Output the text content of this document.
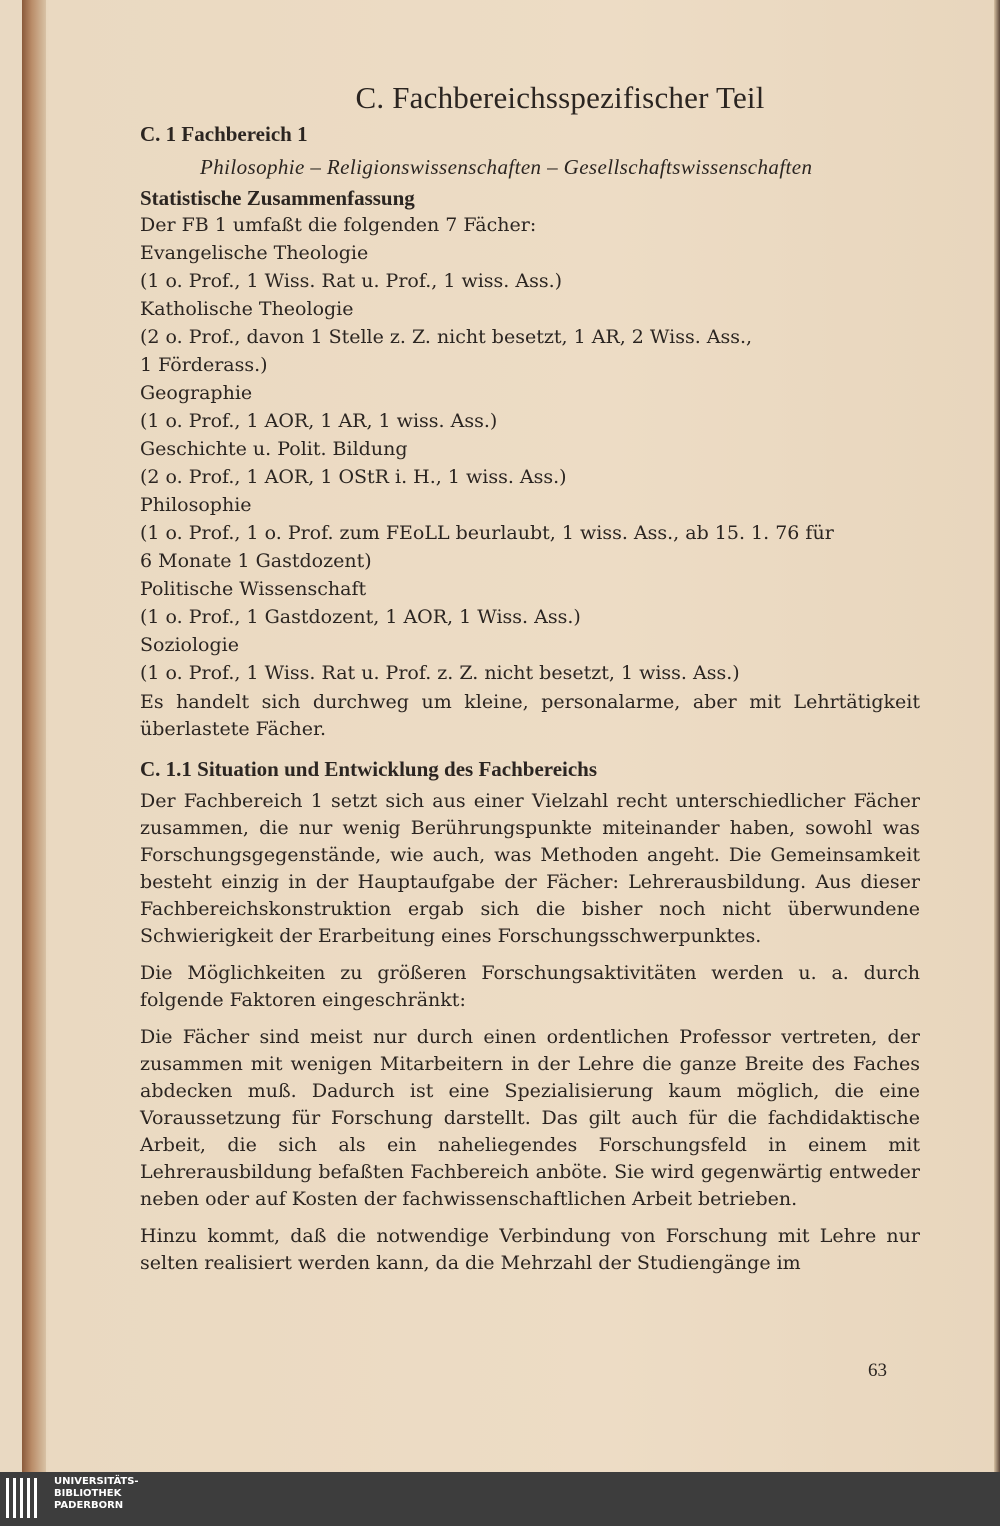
C. Fachbereichsspezifischer Teil
C. 1 Fachbereich 1
Philosophie – Religionswissenschaften – Gesellschaftswissenschaften
Statistische Zusammenfassung

Der FB 1 umfaßt die folgenden 7 Fächer:

Evangelische Theologie

(1 o. Prof., 1 Wiss. Rat u. Prof., 1 wiss. Ass.)

Katholische Theologie

(2 o. Prof., davon 1 Stelle z. Z. nicht besetzt, 1 AR, 2 Wiss. Ass.,

1 Förderass.)

Geographie

(1 o. Prof., 1 AOR, 1 AR, 1 wiss. Ass.)

Geschichte u. Polit. Bildung

(2 o. Prof., 1 AOR, 1 OStR i. H., 1 wiss. Ass.)

Philosophie

(1 o. Prof., 1 o. Prof. zum FEoLL beurlaubt, 1 wiss. Ass., ab 15. 1. 76 für

6 Monate 1 Gastdozent)

Politische Wissenschaft

(1 o. Prof., 1 Gastdozent, 1 AOR, 1 Wiss. Ass.)

Soziologie

(1 o. Prof., 1 Wiss. Rat u. Prof. z. Z. nicht besetzt, 1 wiss. Ass.)

Es handelt sich durchweg um kleine, personalarme, aber mit Lehrtätigkeit überlastete Fächer.

C. 1.1 Situation und Entwicklung des Fachbereichs

Der Fachbereich 1 setzt sich aus einer Vielzahl recht unterschiedlicher Fächer zusammen, die nur wenig Berührungspunkte miteinander haben, sowohl was Forschungsgegenstände, wie auch, was Methoden angeht. Die Gemeinsamkeit besteht einzig in der Hauptaufgabe der Fächer: Lehrerausbildung. Aus dieser Fachbereichskonstruktion ergab sich die bisher noch nicht überwundene Schwierigkeit der Erarbeitung eines Forschungsschwerpunktes.

Die Möglichkeiten zu größeren Forschungsaktivitäten werden u. a. durch folgende Faktoren eingeschränkt:

Die Fächer sind meist nur durch einen ordentlichen Professor vertreten, der zusammen mit wenigen Mitarbeitern in der Lehre die ganze Breite des Faches abdecken muß. Dadurch ist eine Spezialisierung kaum möglich, die eine Voraussetzung für Forschung darstellt. Das gilt auch für die fachdidaktische Arbeit, die sich als ein naheliegendes Forschungsfeld in einem mit Lehrerausbildung befaßten Fachbereich anböte. Sie wird gegenwärtig entweder neben oder auf Kosten der fachwissenschaftlichen Arbeit betrieben.

Hinzu kommt, daß die notwendige Verbindung von Forschung mit Lehre nur selten realisiert werden kann, da die Mehrzahl der Studiengänge im

63
UNIVERSITÄTS-
BIBLIOTHEK
PADERBORN
